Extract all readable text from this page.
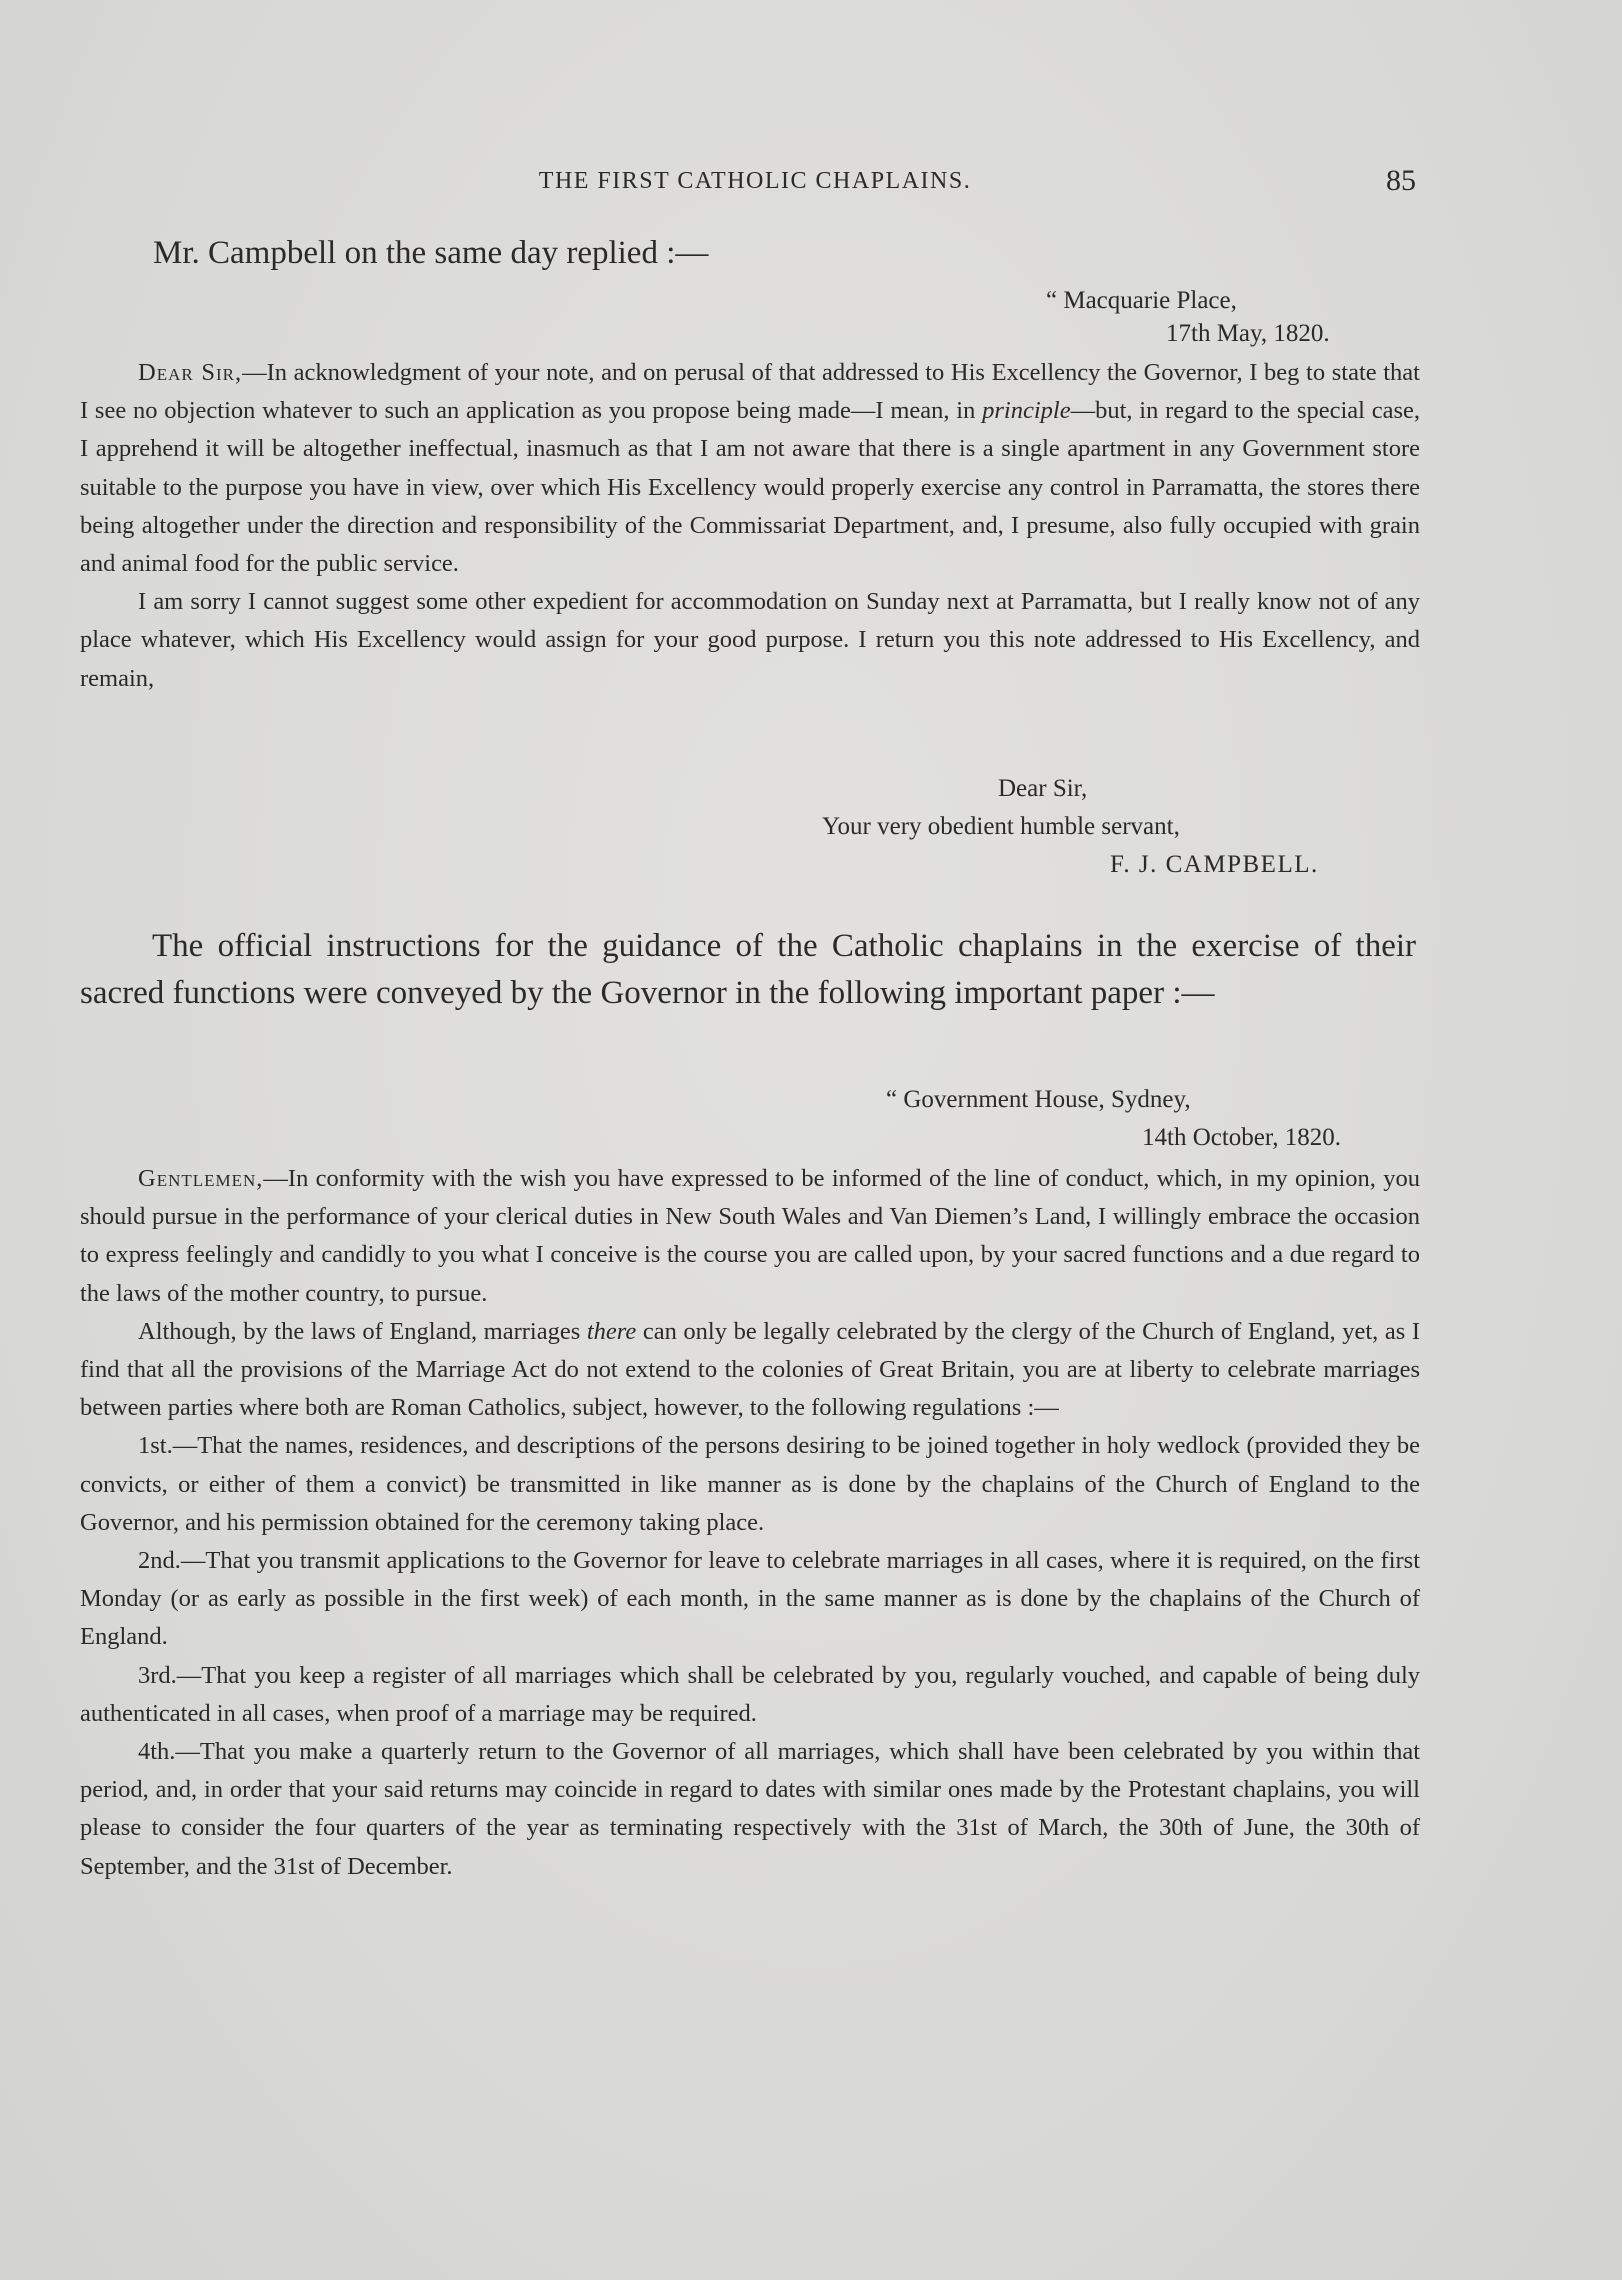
THE FIRST CATHOLIC CHAPLAINS.	85
Mr. Campbell on the same day replied :—
“ Macquarie Place,
17th May, 1820.

Dear Sir,—In acknowledgment of your note, and on perusal of that addressed to His Excellency the Governor, I beg to state that I see no objection whatever to such an application as you propose being made—I mean, in principle—but, in regard to the special case, I apprehend it will be altogether ineffectual, inasmuch as that I am not aware that there is a single apartment in any Government store suitable to the purpose you have in view, over which His Excellency would properly exercise any control in Parramatta, the stores there being altogether under the direction and responsibility of the Commissariat Department, and, I presume, also fully occupied with grain and animal food for the public service.

I am sorry I cannot suggest some other expedient for accommodation on Sunday next at Parramatta, but I really know not of any place whatever, which His Excellency would assign for your good purpose. I return you this note addressed to His Excellency, and remain,

Dear Sir,
Your very obedient humble servant,
F. J. CAMPBELL.
The official instructions for the guidance of the Catholic chaplains in the exercise of their sacred functions were conveyed by the Governor in the following important paper :—
“ Government House, Sydney,
14th October, 1820.

Gentlemen,—In conformity with the wish you have expressed to be informed of the line of conduct, which, in my opinion, you should pursue in the performance of your clerical duties in New South Wales and Van Diemen’s Land, I willingly embrace the occasion to express feelingly and candidly to you what I conceive is the course you are called upon, by your sacred functions and a due regard to the laws of the mother country, to pursue.

Although, by the laws of England, marriages there can only be legally celebrated by the clergy of the Church of England, yet, as I find that all the provisions of the Marriage Act do not extend to the colonies of Great Britain, you are at liberty to celebrate marriages between parties where both are Roman Catholics, subject, however, to the following regulations :—

1st.—That the names, residences, and descriptions of the persons desiring to be joined together in holy wedlock (provided they be convicts, or either of them a convict) be transmitted in like manner as is done by the chaplains of the Church of England to the Governor, and his permission obtained for the ceremony taking place.

2nd.—That you transmit applications to the Governor for leave to celebrate marriages in all cases, where it is required, on the first Monday (or as early as possible in the first week) of each month, in the same manner as is done by the chaplains of the Church of England.

3rd.—That you keep a register of all marriages which shall be celebrated by you, regularly vouched, and capable of being duly authenticated in all cases, when proof of a marriage may be required.

4th.—That you make a quarterly return to the Governor of all marriages, which shall have been celebrated by you within that period, and, in order that your said returns may coincide in regard to dates with similar ones made by the Protestant chaplains, you will please to consider the four quarters of the year as terminating respectively with the 31st of March, the 30th of June, the 30th of September, and the 31st of December.
